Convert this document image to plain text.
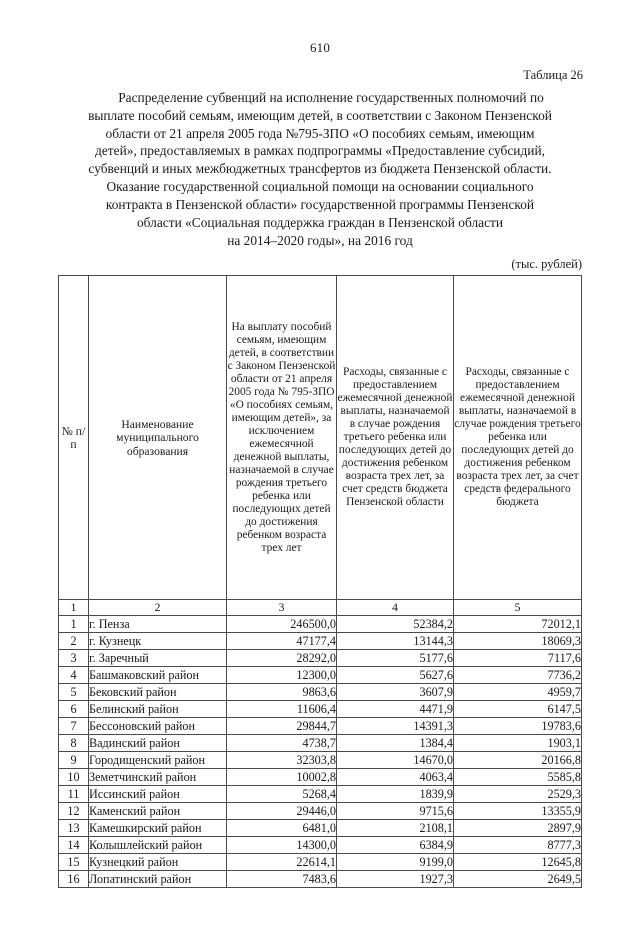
610
Таблица 26

Распределение субвенций на исполнение государственных полномочий по

выплате пособий семьям, имеющим детей, в соответствии с Законом Пензенской

области от 21 апреля 2005 года №795-ЗПО «О пособиях семьям, имеющим

детей», предоставляемых в рамках подпрограммы «Предоставление субсидий,

субвенций и иных межбюджетных трансфертов из бюджета Пензенской области.

Оказание государственной социальной помощи на основании социального

контракта в Пензенской области» государственной программы Пензенской

области «Социальная поддержка граждан в Пензенской области

на 2014–2020 годы», на 2016 год

(тыс. рублей)
№ п/п	Наименование муниципального образования	На выплату пособий семьям, имеющим детей, в соответствии с Законом Пензенской области от 21 апреля 2005 года № 795-ЗПО «О пособиях семьям, имеющим детей», за исключением ежемесячной денежной выплаты, назначаемой в случае рождения третьего ребенка или последующих детей до достижения ребенком возраста трех лет	Расходы, связанные с предоставлением ежемесячной денежной выплаты, назначаемой в случае рождения третьего ребенка или последующих детей до достижения ребенком возраста трех лет, за счет средств бюджета Пензенской области	Расходы, связанные с предоставлением ежемесячной денежной выплаты, назначаемой в случае рождения третьего ребенка или последующих детей до достижения ребенком возраста трех лет, за счет средств федерального бюджета
1	2	3	4	5
1	г. Пенза	246500,0	52384,2	72012,1
2	г. Кузнецк	47177,4	13144,3	18069,3
3	г. Заречный	28292,0	5177,6	7117,6
4	Башмаковский район	12300,0	5627,6	7736,2
5	Бековский район	9863,6	3607,9	4959,7
6	Белинский район	11606,4	4471,9	6147,5
7	Бессоновский район	29844,7	14391,3	19783,6
8	Вадинский район	4738,7	1384,4	1903,1
9	Городищенский район	32303,8	14670,0	20166,8
10	Земетчинский район	10002,8	4063,4	5585,8
11	Иссинский район	5268,4	1839,9	2529,3
12	Каменский район	29446,0	9715,6	13355,9
13	Камешкирский район	6481,0	2108,1	2897,9
14	Колышлейский район	14300,0	6384,9	8777,3
15	Кузнецкий район	22614,1	9199,0	12645,8
16	Лопатинский район	7483,6	1927,3	2649,5
